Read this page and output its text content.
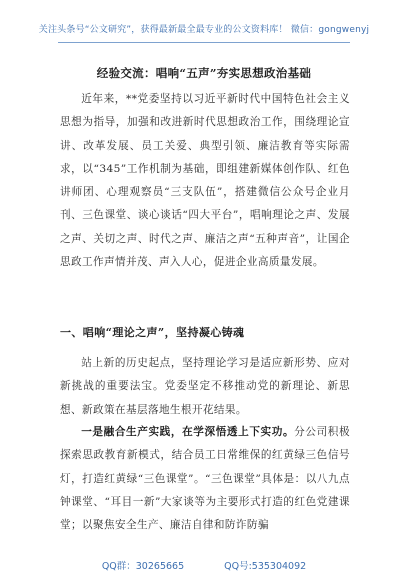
关注头条号“公文研究”，获得最新最全最专业的公文资料库！ 微信：gongwenyj
经验交流：唱响“五声”夯实思想政治基础

近年来，**党委坚持以习近平新时代中国特色社会主义思想为指导，加强和改进新时代思想政治工作，围绕理论宣讲、改革发展、员工关爱、典型引领、廉洁教育等实际需求，以“345”工作机制为基础，即组建新媒体创作队、红色讲师团、心理观察员“三支队伍”，搭建微信公众号企业月刊、三色课堂、谈心谈话“四大平台”，唱响理论之声、发展之声、关切之声、时代之声、廉洁之声“五种声音”，让国企思政工作声情并茂、声入人心，促进企业高质量发展。

一、唱响“理论之声”，坚持凝心铸魂

站上新的历史起点，坚持理论学习是适应新形势、应对新挑战的重要法宝。党委坚定不移推动党的新理论、新思想、新政策在基层落地生根开花结果。

一是融合生产实践，在学深悟透上下实功。分公司积极探索思政教育新模式，结合员工日常维保的红黄绿三色信号灯，打造红黄绿“三色课堂”。“三色课堂”具体是：以八九点钟课堂、“耳目一新”大家谈等为主要形式打造的红色党建课堂；以聚焦安全生产、廉洁自律和防诈防骗

QQ群：30265665	QQ号:535304092
